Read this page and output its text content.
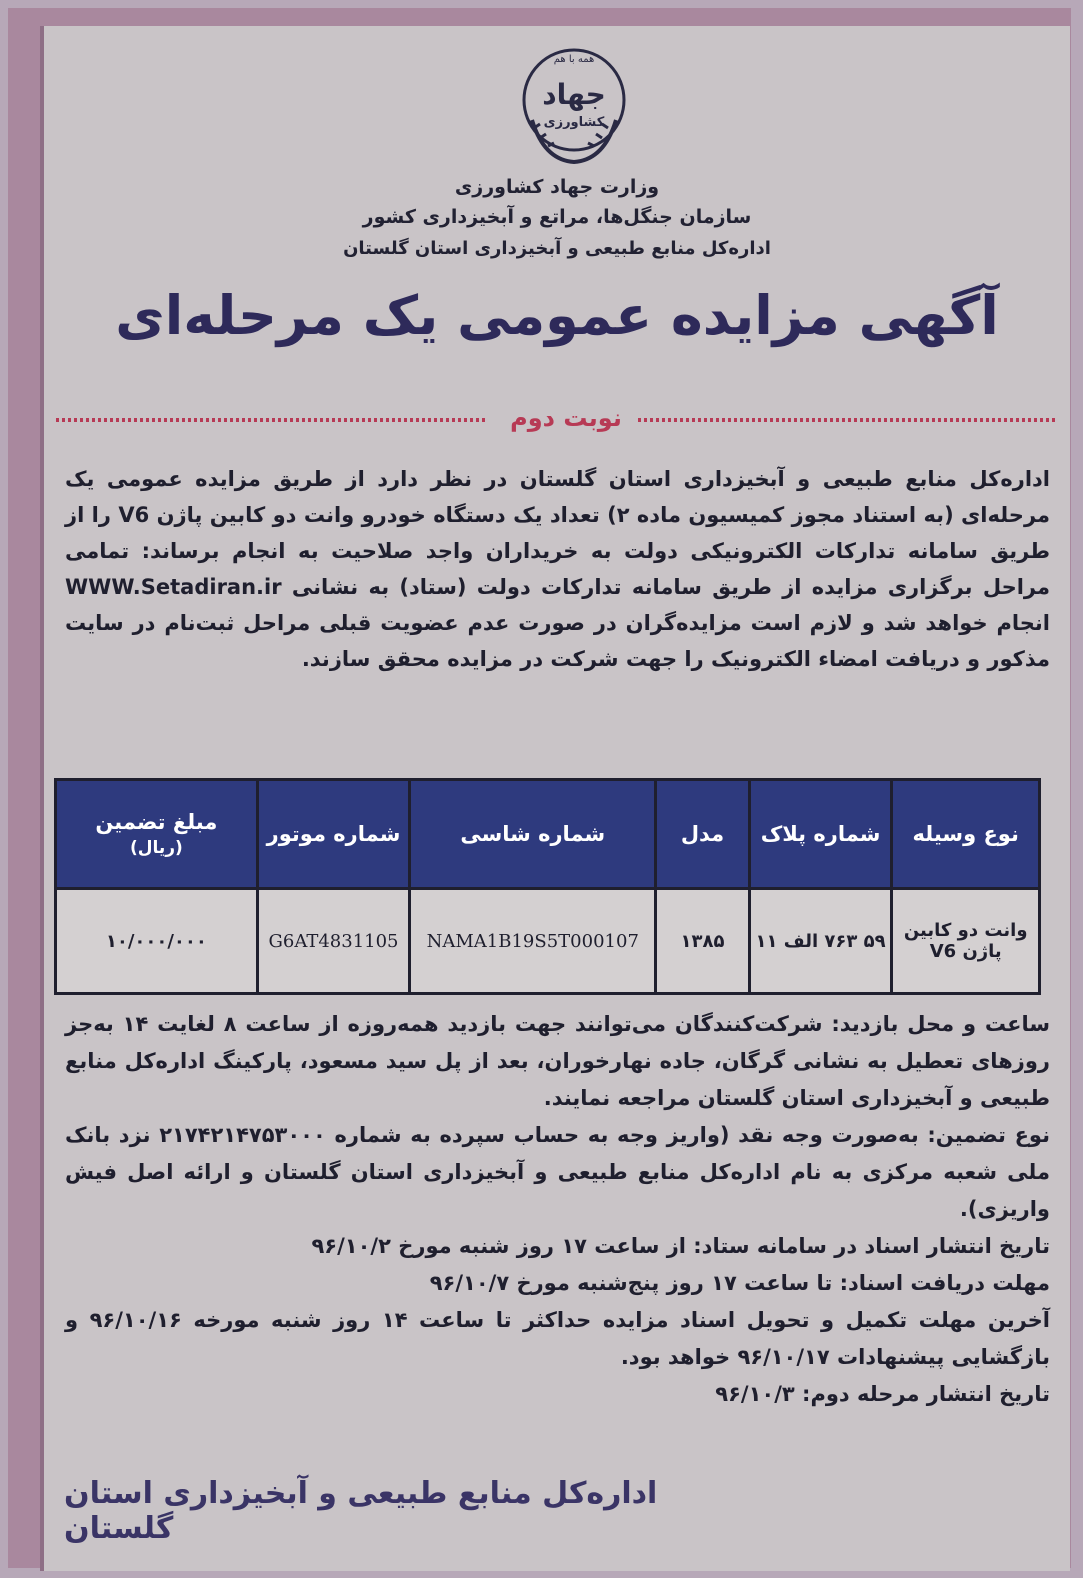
همه با هم
جهاد
کشاورزی
وزارت جهاد کشاورزی
سازمان جنگل‌ها، مراتع و آبخیزداری کشور
اداره‌کل منابع طبیعی و آبخیزداری استان گلستان
آگهی مزایده عمومی یک مرحله‌ای
نوبت دوم
اداره‌کل منابع طبیعی و آبخیزداری استان گلستان در نظر دارد از طریق مزایده عمومی یک مرحله‌ای (به استناد مجوز کمیسیون ماده ۲) تعداد یک دستگاه خودرو وانت دو کابین پاژن V6 را از طریق سامانه تدارکات الکترونیکی دولت به خریداران واجد صلاحیت به انجام برساند: تمامی مراحل برگزاری مزایده از طریق سامانه تدارکات دولت (ستاد) به نشانی WWW.Setadiran.ir انجام خواهد شد و لازم است مزایده‌گران در صورت عدم عضویت قبلی مراحل ثبت‌نام در سایت مذکور و دریافت امضاء الکترونیک را جهت شرکت در مزایده محقق سازند.
نوع وسیله	شماره پلاک	مدل	شماره شاسی	شماره موتور	مبلغ تضمین
(ریال)

وانت دو کابین پاژن V6	۵۹ ۷۶۳ الف ۱۱	۱۳۸۵	NAMA1B19S5T000107	G6AT4831105	۱۰/۰۰۰/۰۰۰
ساعت و محل بازدید: شرکت‌کنندگان می‌توانند جهت بازدید همه‌روزه از ساعت ۸ لغایت ۱۴ به‌جز روزهای تعطیل به نشانی گرگان، جاده نهارخوران، بعد از پل سید مسعود، پارکینگ اداره‌کل منابع طبیعی و آبخیزداری استان گلستان مراجعه نمایند.
نوع تضمین: به‌صورت وجه نقد (واریز وجه به حساب سپرده به شماره ۲۱۷۴۲۱۴۷۵۳۰۰۰ نزد بانک ملی شعبه مرکزی به نام اداره‌کل منابع طبیعی و آبخیزداری استان گلستان و ارائه اصل فیش واریزی).
تاریخ انتشار اسناد در سامانه ستاد: از ساعت ۱۷ روز شنبه مورخ ۹۶/۱۰/۲
مهلت دریافت اسناد: تا ساعت ۱۷ روز پنج‌شنبه مورخ ۹۶/۱۰/۷
آخرین مهلت تکمیل و تحویل اسناد مزایده حداکثر تا ساعت ۱۴ روز شنبه مورخه ۹۶/۱۰/۱۶ و بازگشایی پیشنهادات ۹۶/۱۰/۱۷ خواهد بود.
تاریخ انتشار مرحله دوم: ۹۶/۱۰/۳
اداره‌کل منابع طبیعی و آبخیزداری استان گلستان
